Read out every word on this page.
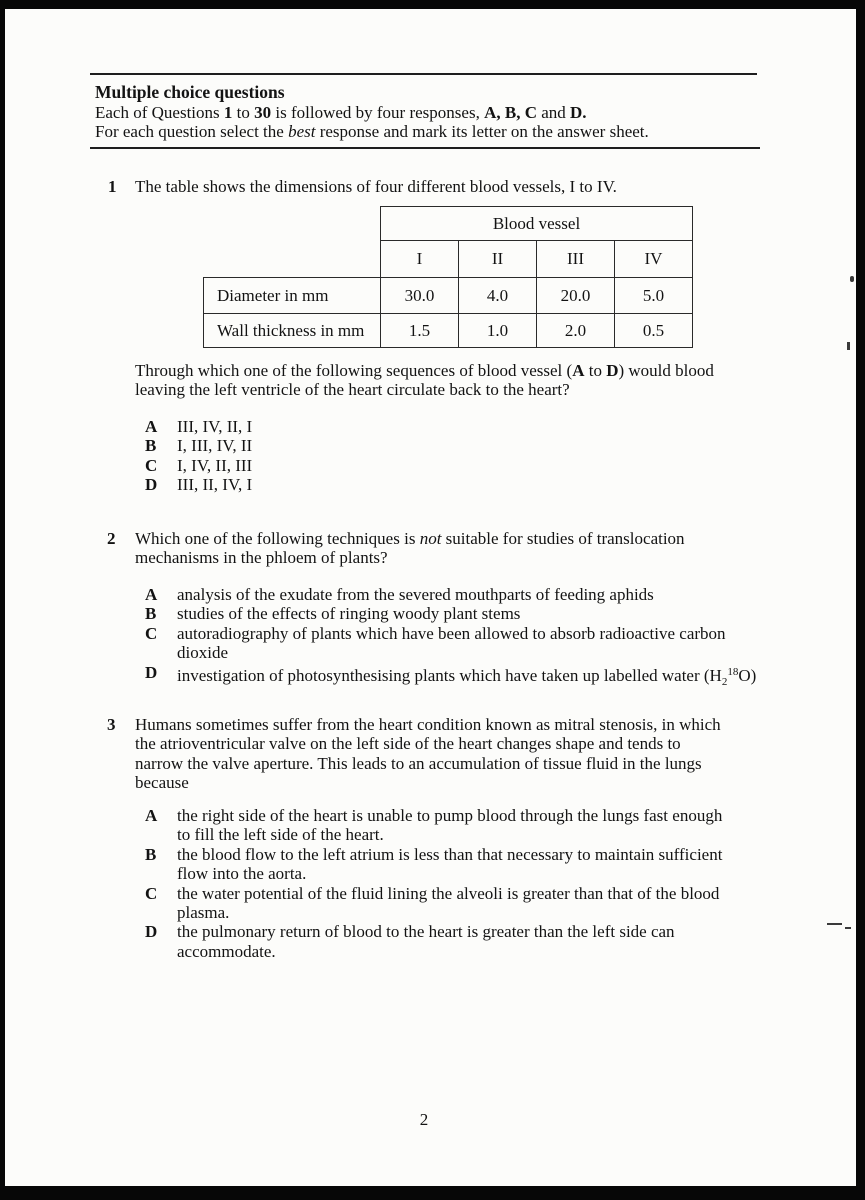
Multiple choice questions

Each of Questions 1 to 30 is followed by four responses, A, B, C and D.

For each question select the best response and mark its letter on the answer sheet.

1 The table shows the dimensions of four different blood vessels, I to IV.

	Blood vessel			
	I	II	III	IV
Diameter in mm	30.0	4.0	20.0	5.0
Wall thickness in mm	1.5	1.0	2.0	0.5

Through which one of the following sequences of blood vessel (A to D) would blood leaving the left ventricle of the heart circulate back to the heart?

A	III, IV, II, I
B	I, III, IV, II
C	I, IV, II, III
D	III, II, IV, I
2 Which one of the following techniques is not suitable for studies of translocation mechanisms in the phloem of plants?

A	analysis of the exudate from the severed mouthparts of feeding aphids
B	studies of the effects of ringing woody plant stems
C	autoradiography of plants which have been allowed to absorb radioactive carbon dioxide
D	investigation of photosynthesising plants which have taken up labelled water $(H_2^{18}O)$
3 Humans sometimes suffer from the heart condition known as mitral stenosis, in which the atrioventricular valve on the left side of the heart changes shape and tends to narrow the valve aperture. This leads to an accumulation of tissue fluid in the lungs because

A	the right side of the heart is unable to pump blood through the lungs fast enough to fill the left side of the heart.
B	the blood flow to the left atrium is less than that necessary to maintain sufficient flow into the aorta.
C	the water potential of the fluid lining the alveoli is greater than that of the blood plasma.
D	the pulmonary return of blood to the heart is greater than the left side can accommodate.
2
